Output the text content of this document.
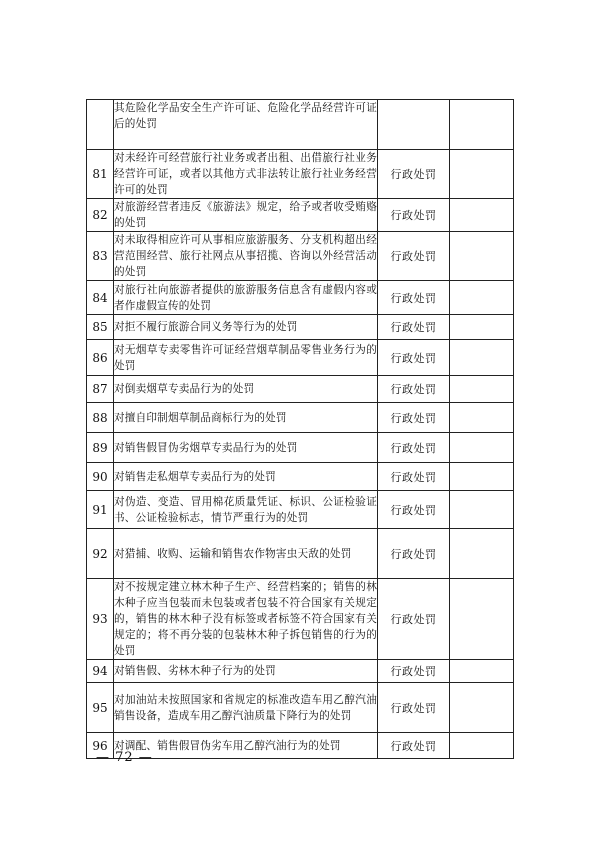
	其危险化学品安全生产许可证、危险化学品经营许可证后的处罚		
81	对未经许可经营旅行社业务或者出租、出借旅行社业务经营许可证，或者以其他方式非法转让旅行社业务经营许可的处罚	行政处罚	
82	对旅游经营者违反《旅游法》规定，给予或者收受贿赂的处罚	行政处罚	
83	对未取得相应许可从事相应旅游服务、分支机构超出经营范围经营、旅行社网点从事招揽、咨询以外经营活动的处罚	行政处罚	
84	对旅行社向旅游者提供的旅游服务信息含有虚假内容或者作虚假宣传的处罚	行政处罚	
85	对拒不履行旅游合同义务等行为的处罚	行政处罚	
86	对无烟草专卖零售许可证经营烟草制品零售业务行为的处罚	行政处罚	
87	对倒卖烟草专卖品行为的处罚	行政处罚	
88	对擅自印制烟草制品商标行为的处罚	行政处罚	
89	对销售假冒伪劣烟草专卖品行为的处罚	行政处罚	
90	对销售走私烟草专卖品行为的处罚	行政处罚	
91	对伪造、变造、冒用棉花质量凭证、标识、公证检验证书、公证检验标志，情节严重行为的处罚	行政处罚	
92	对猎捕、收购、运输和销售农作物害虫天敌的处罚	行政处罚	
93	对不按规定建立林木种子生产、经营档案的；销售的林木种子应当包装而未包装或者包装不符合国家有关规定的，销售的林木种子没有标签或者标签不符合国家有关规定的；将不再分装的包装林木种子拆包销售的行为的处罚	行政处罚	
94	对销售假、劣林木种子行为的处罚	行政处罚	
95	对加油站未按照国家和省规定的标准改造车用乙醇汽油销售设备，造成车用乙醇汽油质量下降行为的处罚	行政处罚	
96	对调配、销售假冒伪劣车用乙醇汽油行为的处罚	行政处罚	
— 72 —
